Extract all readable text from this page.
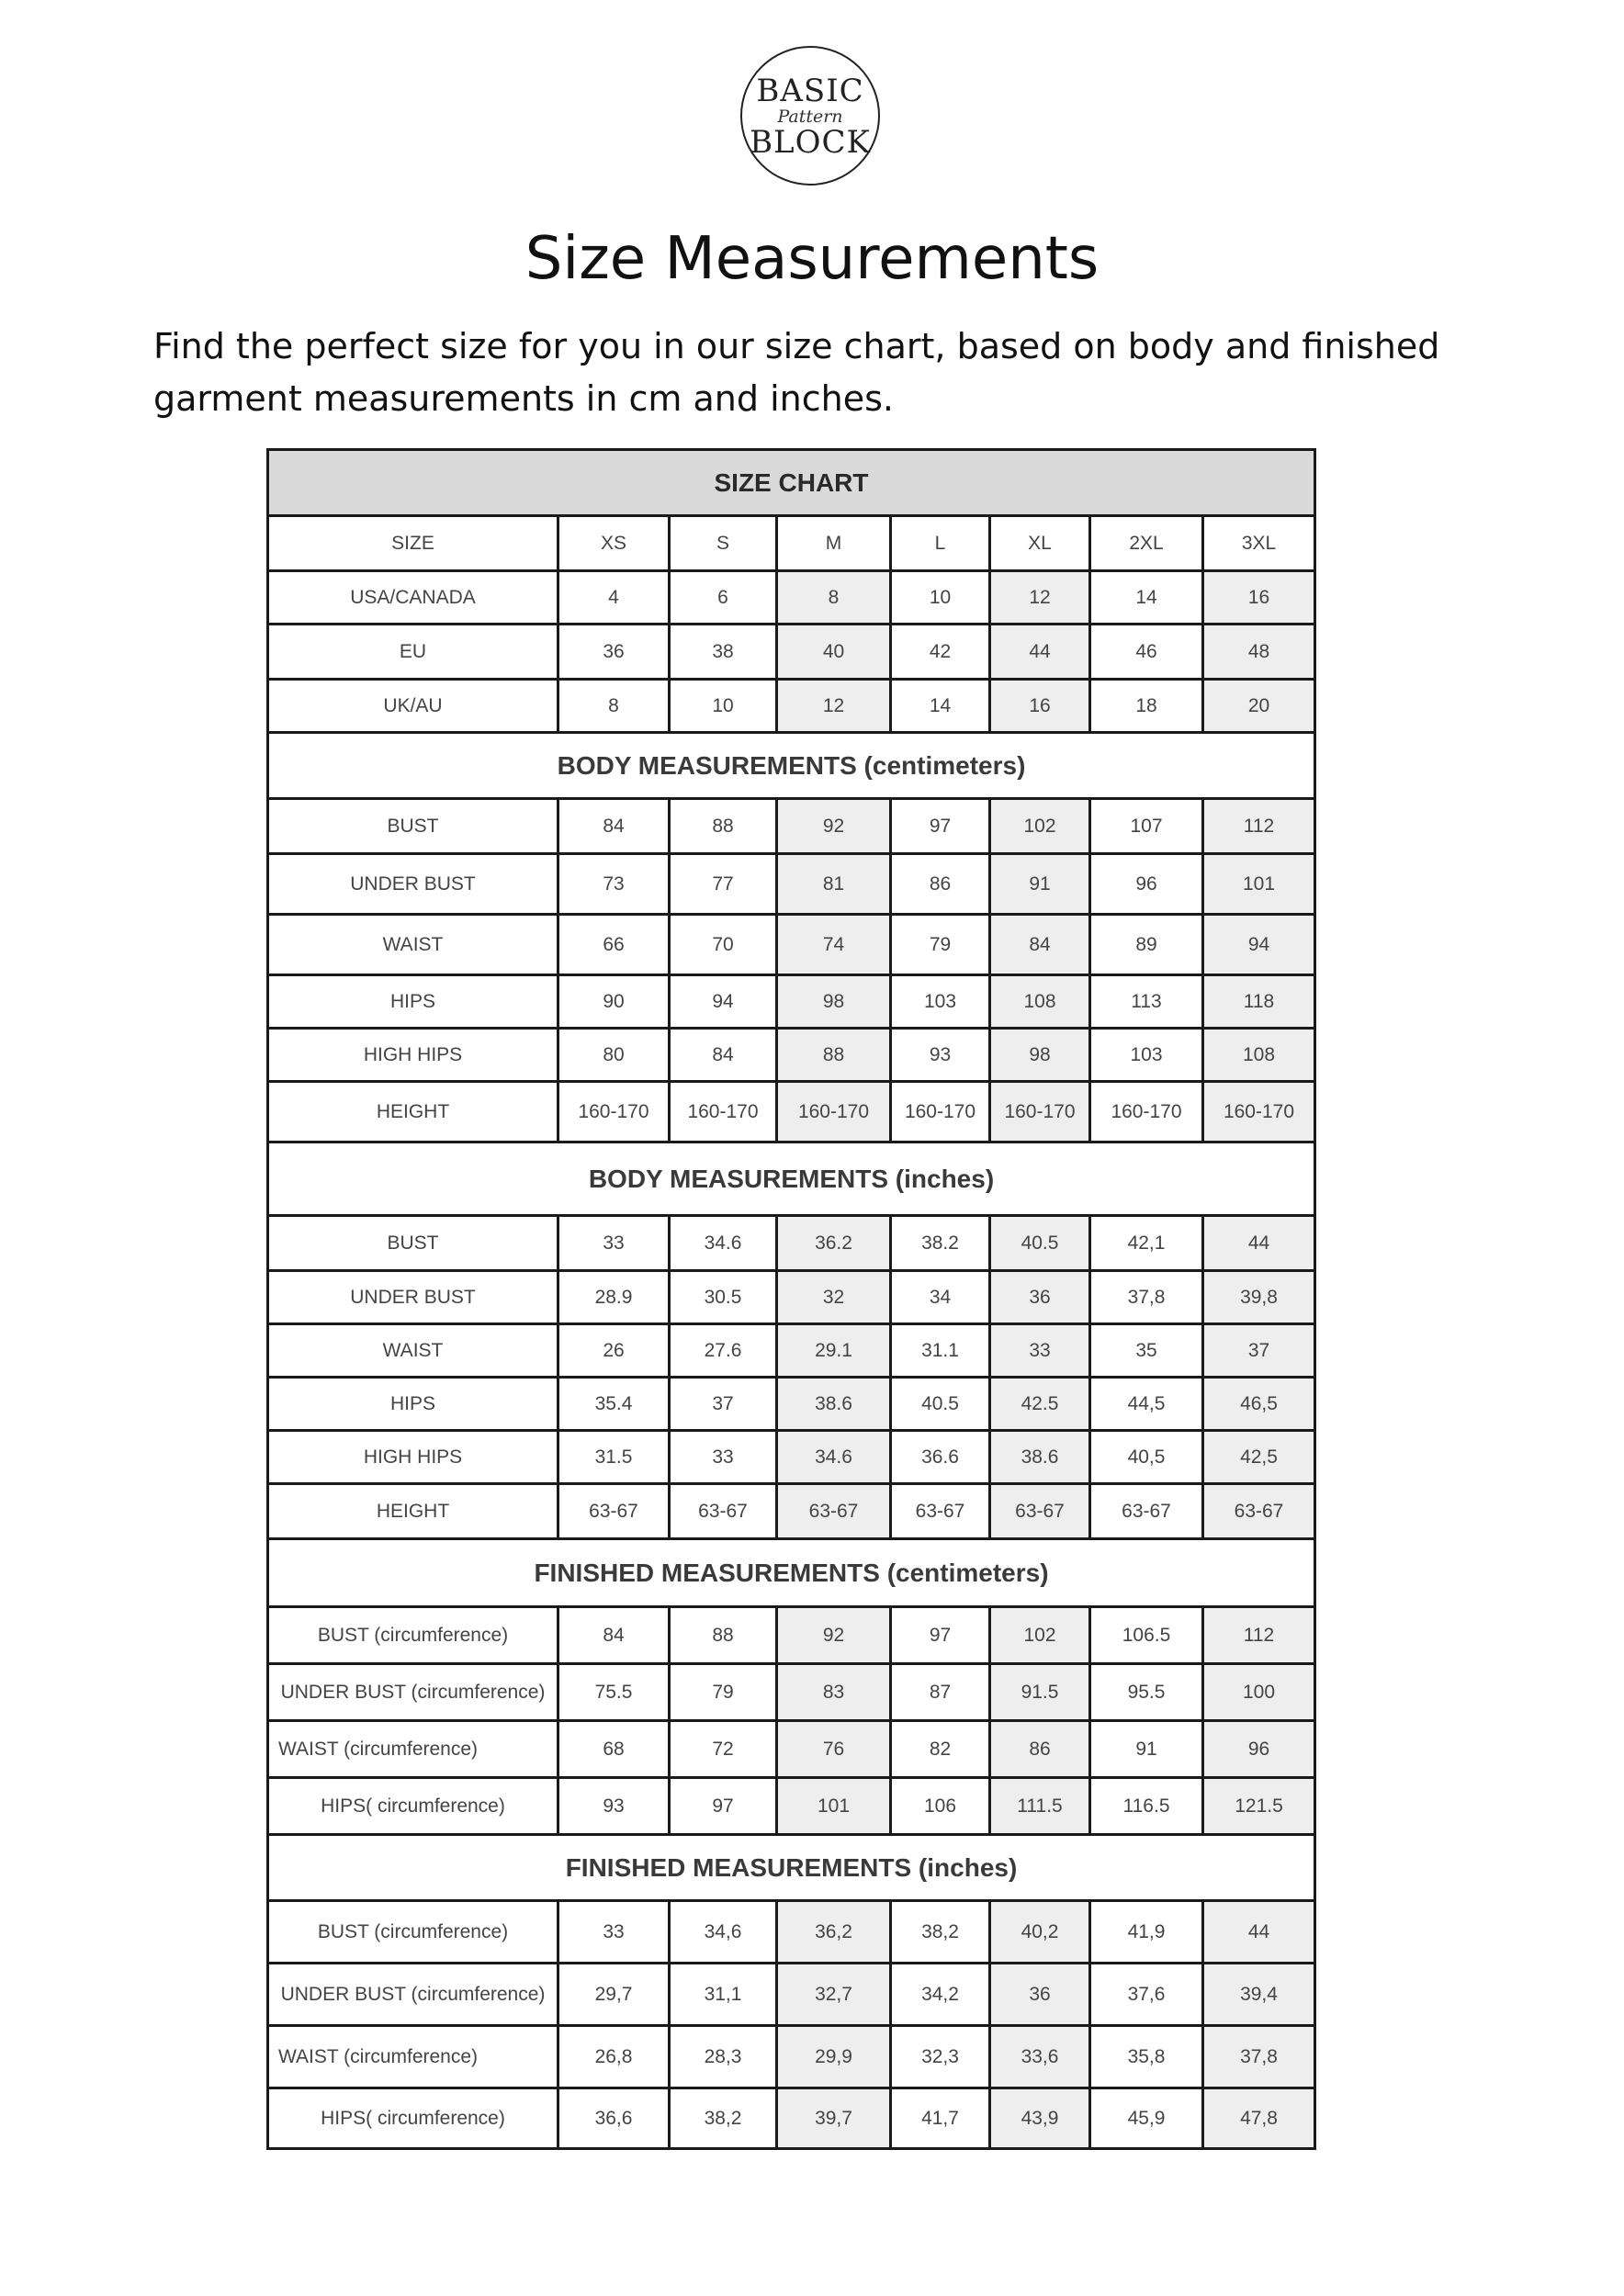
BASIC
Pattern
BLOCK
Size Measurements

Find the perfect size for you in our size chart, based on body and finished garment measurements in cm and inches.

SIZE CHART							
SIZE	XS	S	M	L	XL	2XL	3XL
USA/CANADA	4	6	8	10	12	14	16
EU	36	38	40	42	44	46	48
UK/AU	8	10	12	14	16	18	20
BODY MEASUREMENTS (centimeters)							
BUST	84	88	92	97	102	107	112
UNDER BUST	73	77	81	86	91	96	101
WAIST	66	70	74	79	84	89	94
HIPS	90	94	98	103	108	113	118
HIGH HIPS	80	84	88	93	98	103	108
HEIGHT	160-170	160-170	160-170	160-170	160-170	160-170	160-170
BODY MEASUREMENTS (inches)							
BUST	33	34.6	36.2	38.2	40.5	42,1	44
UNDER BUST	28.9	30.5	32	34	36	37,8	39,8
WAIST	26	27.6	29.1	31.1	33	35	37
HIPS	35.4	37	38.6	40.5	42.5	44,5	46,5
HIGH HIPS	31.5	33	34.6	36.6	38.6	40,5	42,5
HEIGHT	63-67	63-67	63-67	63-67	63-67	63-67	63-67
FINISHED MEASUREMENTS (centimeters)							
BUST (circumference)	84	88	92	97	102	106.5	112
UNDER BUST (circumference)	75.5	79	83	87	91.5	95.5	100
WAIST (circumference)	68	72	76	82	86	91	96
HIPS( circumference)	93	97	101	106	111.5	116.5	121.5
FINISHED MEASUREMENTS (inches)							
BUST (circumference)	33	34,6	36,2	38,2	40,2	41,9	44
UNDER BUST (circumference)	29,7	31,1	32,7	34,2	36	37,6	39,4
WAIST (circumference)	26,8	28,3	29,9	32,3	33,6	35,8	37,8
HIPS( circumference)	36,6	38,2	39,7	41,7	43,9	45,9	47,8
